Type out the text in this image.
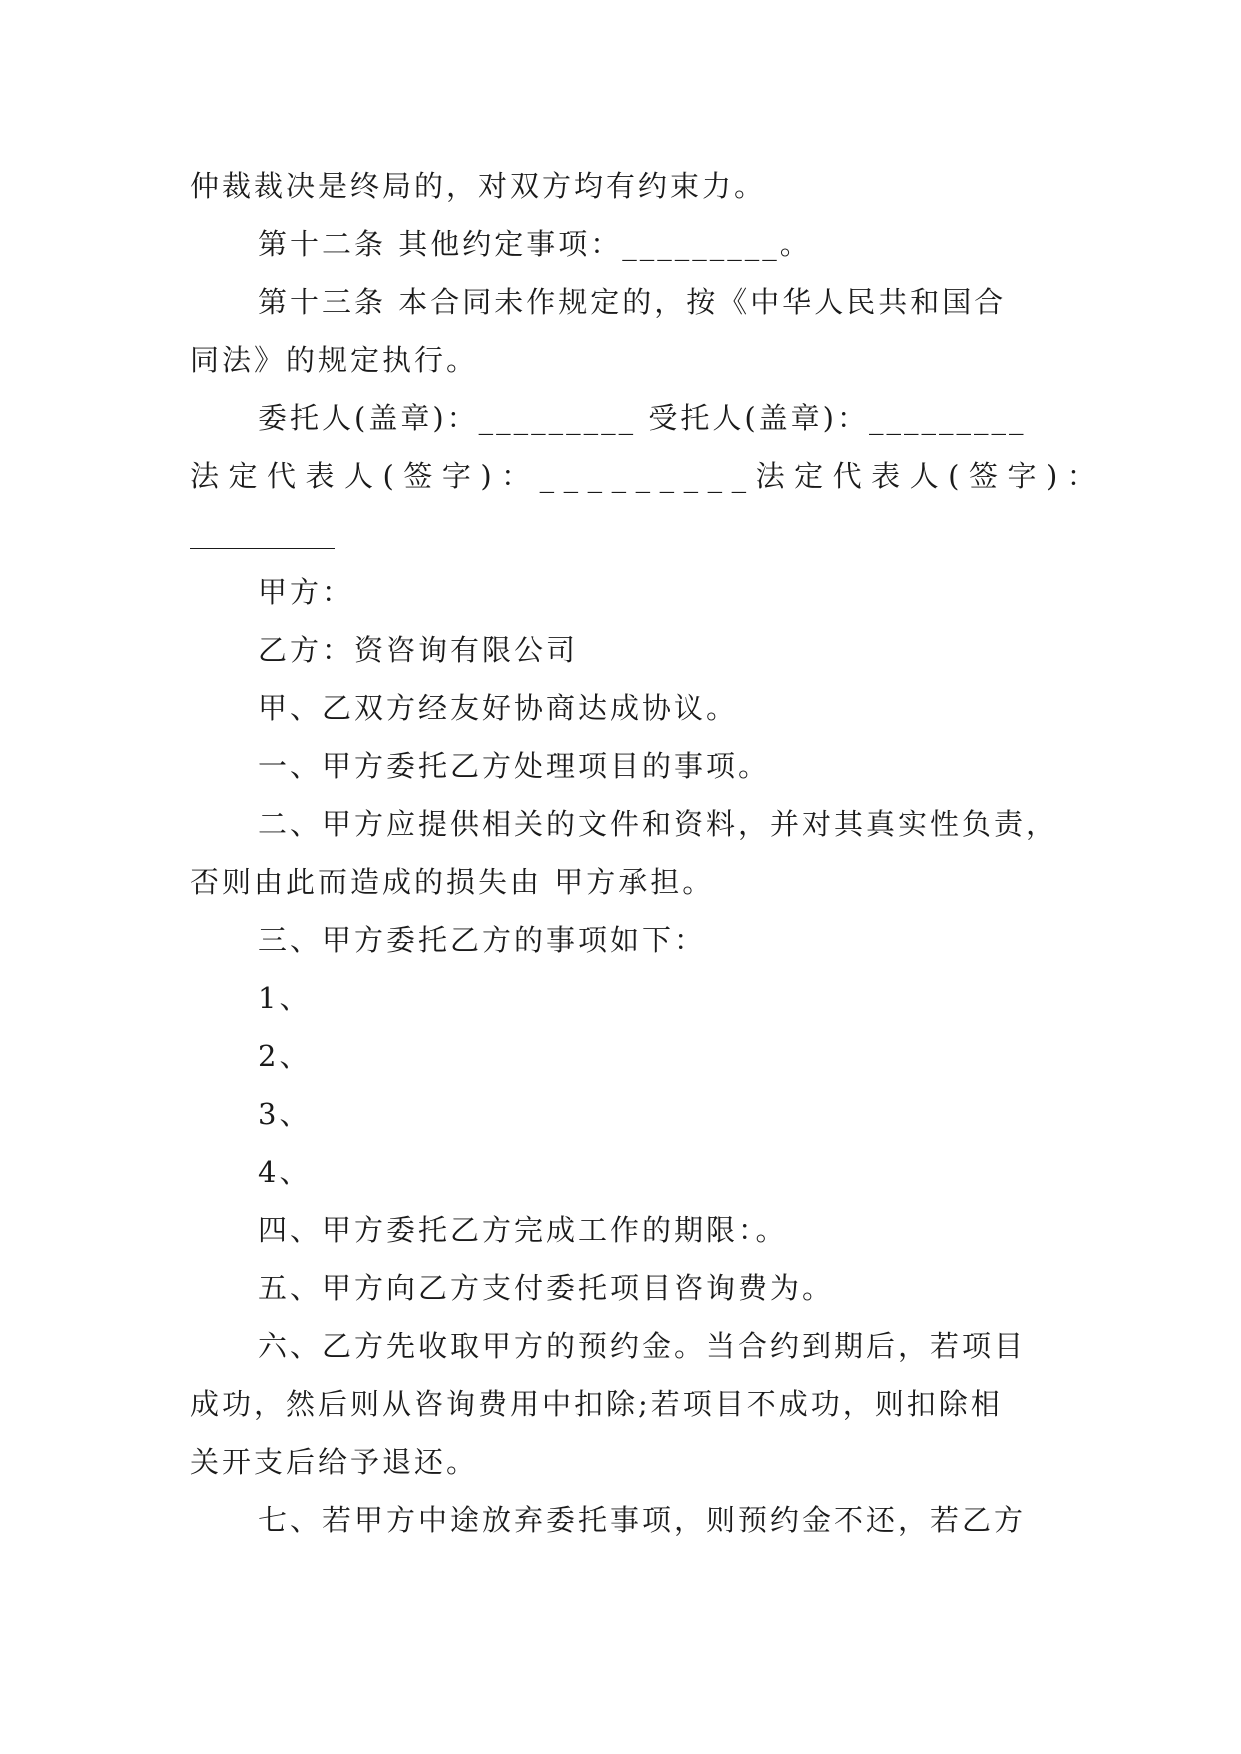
仲裁裁决是终局的，对双方均有约束力。
第十二条 其他约定事项：_________。
第十三条 本合同未作规定的，按《中华人民共和国合
同法》的规定执行。
委托人(盖章)：_________ 受托人(盖章)：_________
法定代表人(签字)：_________法定代表人(签字)：
甲方：
乙方：资咨询有限公司
甲、乙双方经友好协商达成协议。
一、甲方委托乙方处理项目的事项。
二、甲方应提供相关的文件和资料，并对其真实性负责，
否则由此而造成的损失由 甲方承担。
三、甲方委托乙方的事项如下：
1、
2、
3、
4、
四、甲方委托乙方完成工作的期限：。
五、甲方向乙方支付委托项目咨询费为。
六、乙方先收取甲方的预约金。当合约到期后，若项目
成功，然后则从咨询费用中扣除;若项目不成功，则扣除相
关开支后给予退还。
七、若甲方中途放弃委托事项，则预约金不还，若乙方
